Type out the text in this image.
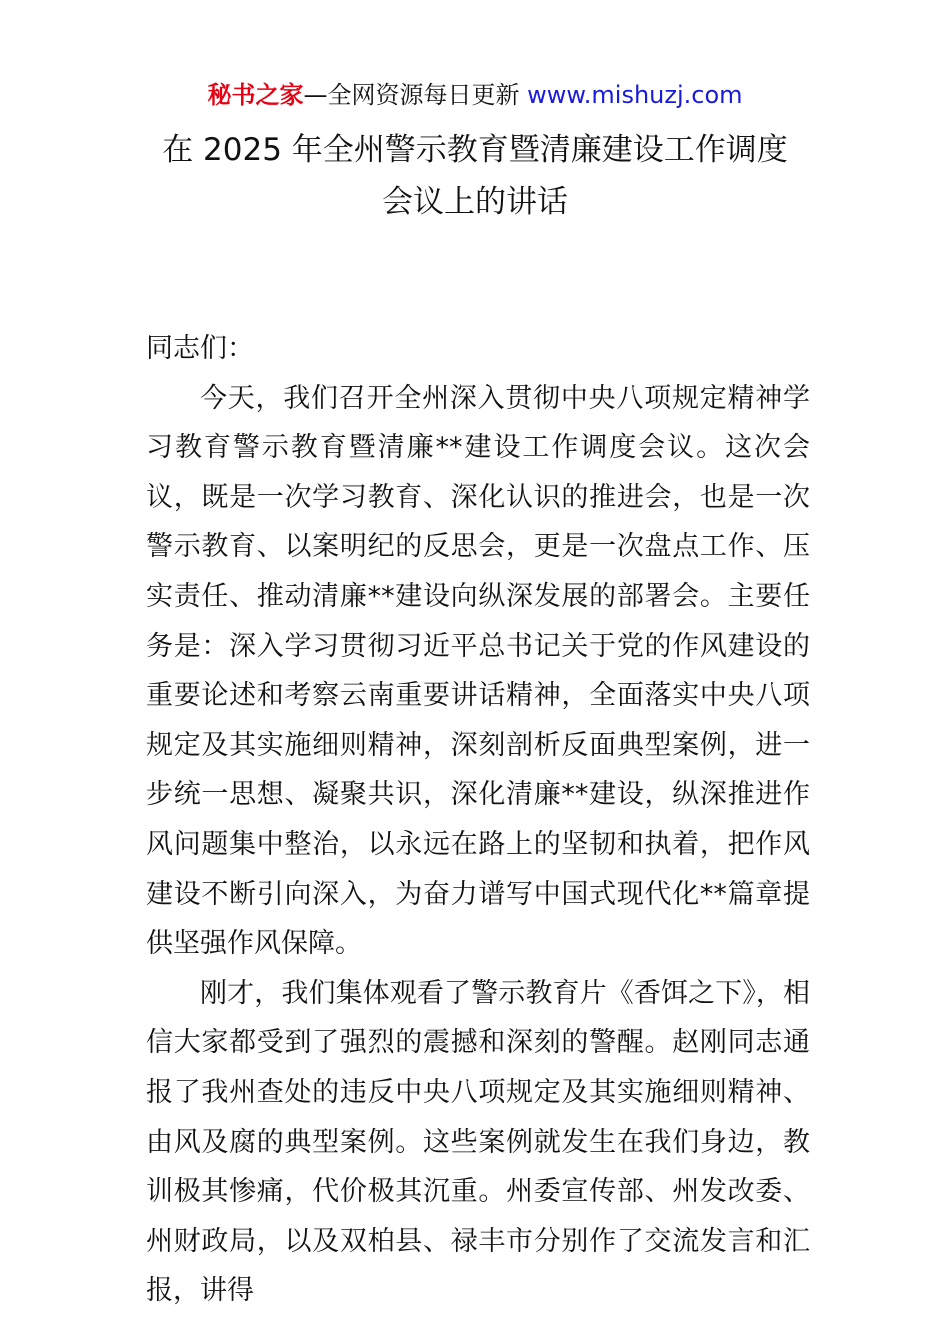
秘书之家—全网资源每日更新 www.mishuzj.com
在 2025 年全州警示教育暨清廉建设工作调度
会议上的讲话

同志们：

今天，我们召开全州深入贯彻中央八项规定精神学习教育警示教育暨清廉**建设工作调度会议。这次会议，既是一次学习教育、深化认识的推进会，也是一次警示教育、以案明纪的反思会，更是一次盘点工作、压实责任、推动清廉**建设向纵深发展的部署会。主要任务是：深入学习贯彻习近平总书记关于党的作风建设的重要论述和考察云南重要讲话精神，全面落实中央八项规定及其实施细则精神，深刻剖析反面典型案例，进一步统一思想、凝聚共识，深化清廉**建设，纵深推进作风问题集中整治，以永远在路上的坚韧和执着，把作风建设不断引向深入，为奋力谱写中国式现代化**篇章提供坚强作风保障。

刚才，我们集体观看了警示教育片《香饵之下》，相信大家都受到了强烈的震撼和深刻的警醒。赵刚同志通报了我州查处的违反中央八项规定及其实施细则精神、由风及腐的典型案例。这些案例就发生在我们身边，教训极其惨痛，代价极其沉重。州委宣传部、州发改委、州财政局，以及双柏县、禄丰市分别作了交流发言和汇报，讲得
